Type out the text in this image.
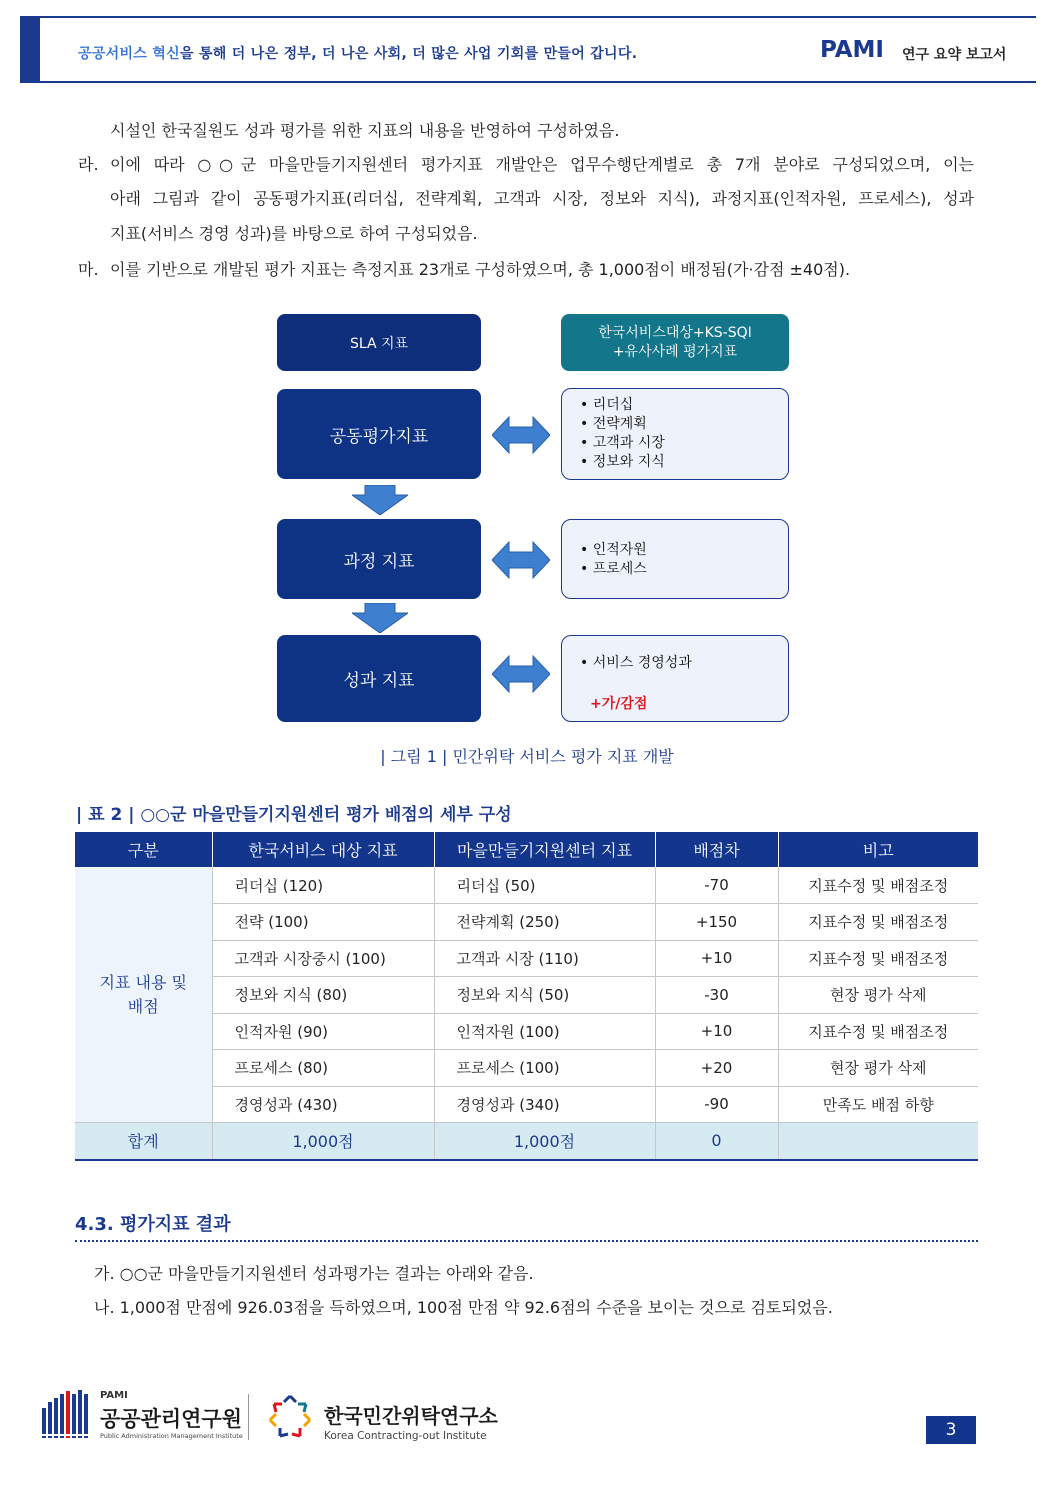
공공서비스 혁신을 통해 더 나은 정부, 더 나은 사회, 더 많은 사업 기회를 만들어 갑니다.	PAMI 연구 요약 보고서
시설인 한국질원도 성과 평가를 위한 지표의 내용을 반영하여 구성하였음.
라. 이에 따라 ○○군 마을만들기지원센터 평가지표 개발안은 업무수행단계별로 총 7개 분야로 구성되었으며, 이는
아래 그림과 같이 공동평가지표(리더십, 전략계획, 고객과 시장, 정보와 지식), 과정지표(인적자원, 프로세스), 성과
지표(서비스 경영 성과)를 바탕으로 하여 구성되었음.
마. 이를 기반으로 개발된 평가 지표는 측정지표 23개로 구성하였으며, 총 1,000점이 배정됨(가·감점 ±40점).
SLA 지표
한국서비스대상+KS-SQI
+유사사례 평가지표
공동평가지표
• 리더십
• 전략계획
• 고객과 시장
• 정보와 지식
과정 지표
• 인적자원
• 프로세스
성과 지표
• 서비스 경영성과
+가/감점
| 그림 1 | 민간위탁 서비스 평가 지표 개발
| 표 2 | ○○군 마을만들기지원센터 평가 배점의 세부 구성
구분	한국서비스 대상 지표	마을만들기지원센터 지표	배점차	비고

지표 내용 및
배점	리더십 (120)	리더십 (50)	-70	지표수정 및 배점조정
	전략 (100)	전략계획 (250)	+150	지표수정 및 배점조정
	고객과 시장중시 (100)	고객과 시장 (110)	+10	지표수정 및 배점조정
	정보와 지식 (80)	정보와 지식 (50)	-30	현장 평가 삭제
	인적자원 (90)	인적자원 (100)	+10	지표수정 및 배점조정
	프로세스 (80)	프로세스 (100)	+20	현장 평가 삭제
	경영성과 (430)	경영성과 (340)	-90	만족도 배점 하향
합계	1,000점	1,000점	0	
4.3. 평가지표 결과
가. ○○군 마을만들기지원센터 성과평가는 결과는 아래와 같음.
나. 1,000점 만점에 926.03점을 득하였으며, 100점 만점 약 92.6점의 수준을 보이는 것으로 검토되었음.
PAMI
공공관리연구원
Public Administration Management Institute
한국민간위탁연구소
Korea Contracting-out Institute	3
